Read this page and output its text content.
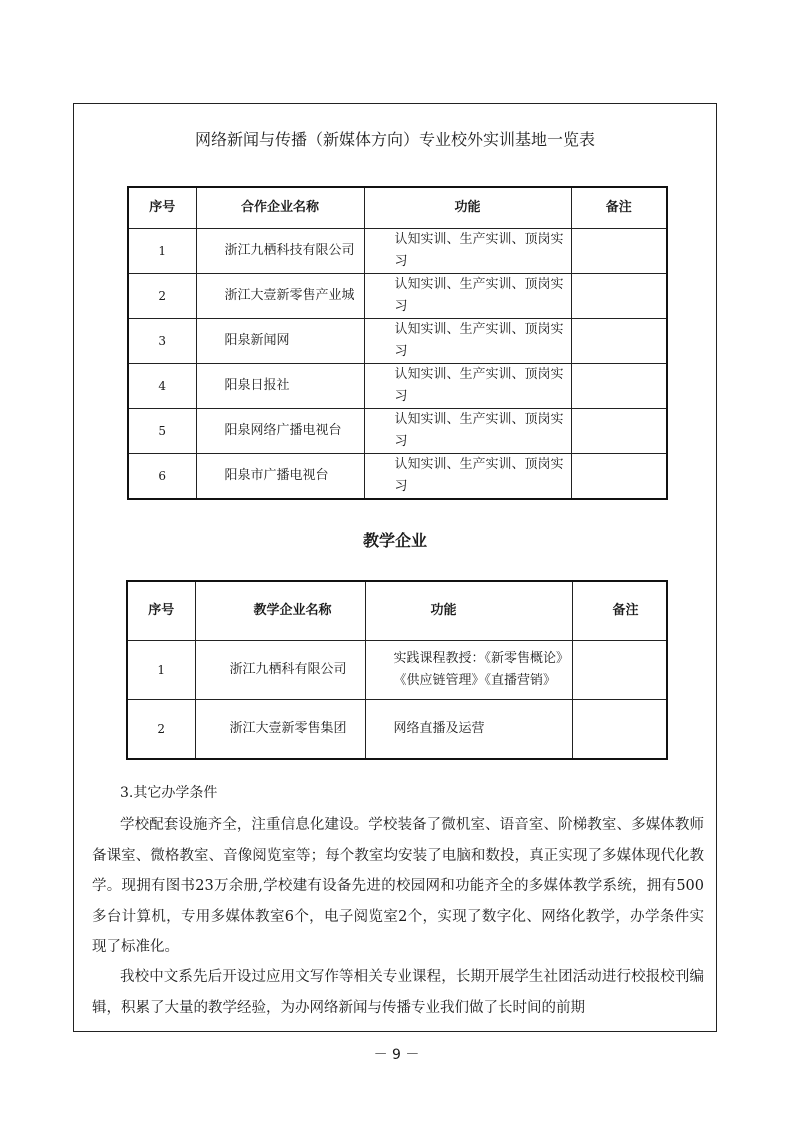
网络新闻与传播（新媒体方向）专业校外实训基地一览表
序号	合作企业名称	功能	备注
1	浙江九栖科技有限公司	认知实训、生产实训、顶岗实习	
2	浙江大壹新零售产业城	认知实训、生产实训、顶岗实习	
3	阳泉新闻网	认知实训、生产实训、顶岗实习	
4	阳泉日报社	认知实训、生产实训、顶岗实习	
5	阳泉网络广播电视台	认知实训、生产实训、顶岗实习	
6	阳泉市广播电视台	认知实训、生产实训、顶岗实习	
教学企业
序号	教学企业名称	功能	备注
1	浙江九栖科有限公司	实践课程教授：《新零售概论》《供应链管理》《直播营销》	
2	浙江大壹新零售集团	网络直播及运营	
3.其它办学条件
学校配套设施齐全，注重信息化建设。学校装备了微机室、语音室、阶梯教室、多媒体教师备课室、微格教室、音像阅览室等；每个教室均安装了电脑和数投，真正实现了多媒体现代化教学。现拥有图书23万余册,学校建有设备先进的校园网和功能齐全的多媒体教学系统，拥有500多台计算机，专用多媒体教室6个，电子阅览室2个，实现了数字化、网络化教学，办学条件实现了标准化。
我校中文系先后开设过应用文写作等相关专业课程，长期开展学生社团活动进行校报校刊编辑，积累了大量的教学经验，为办网络新闻与传播专业我们做了长时间的前期
－ 9 －
